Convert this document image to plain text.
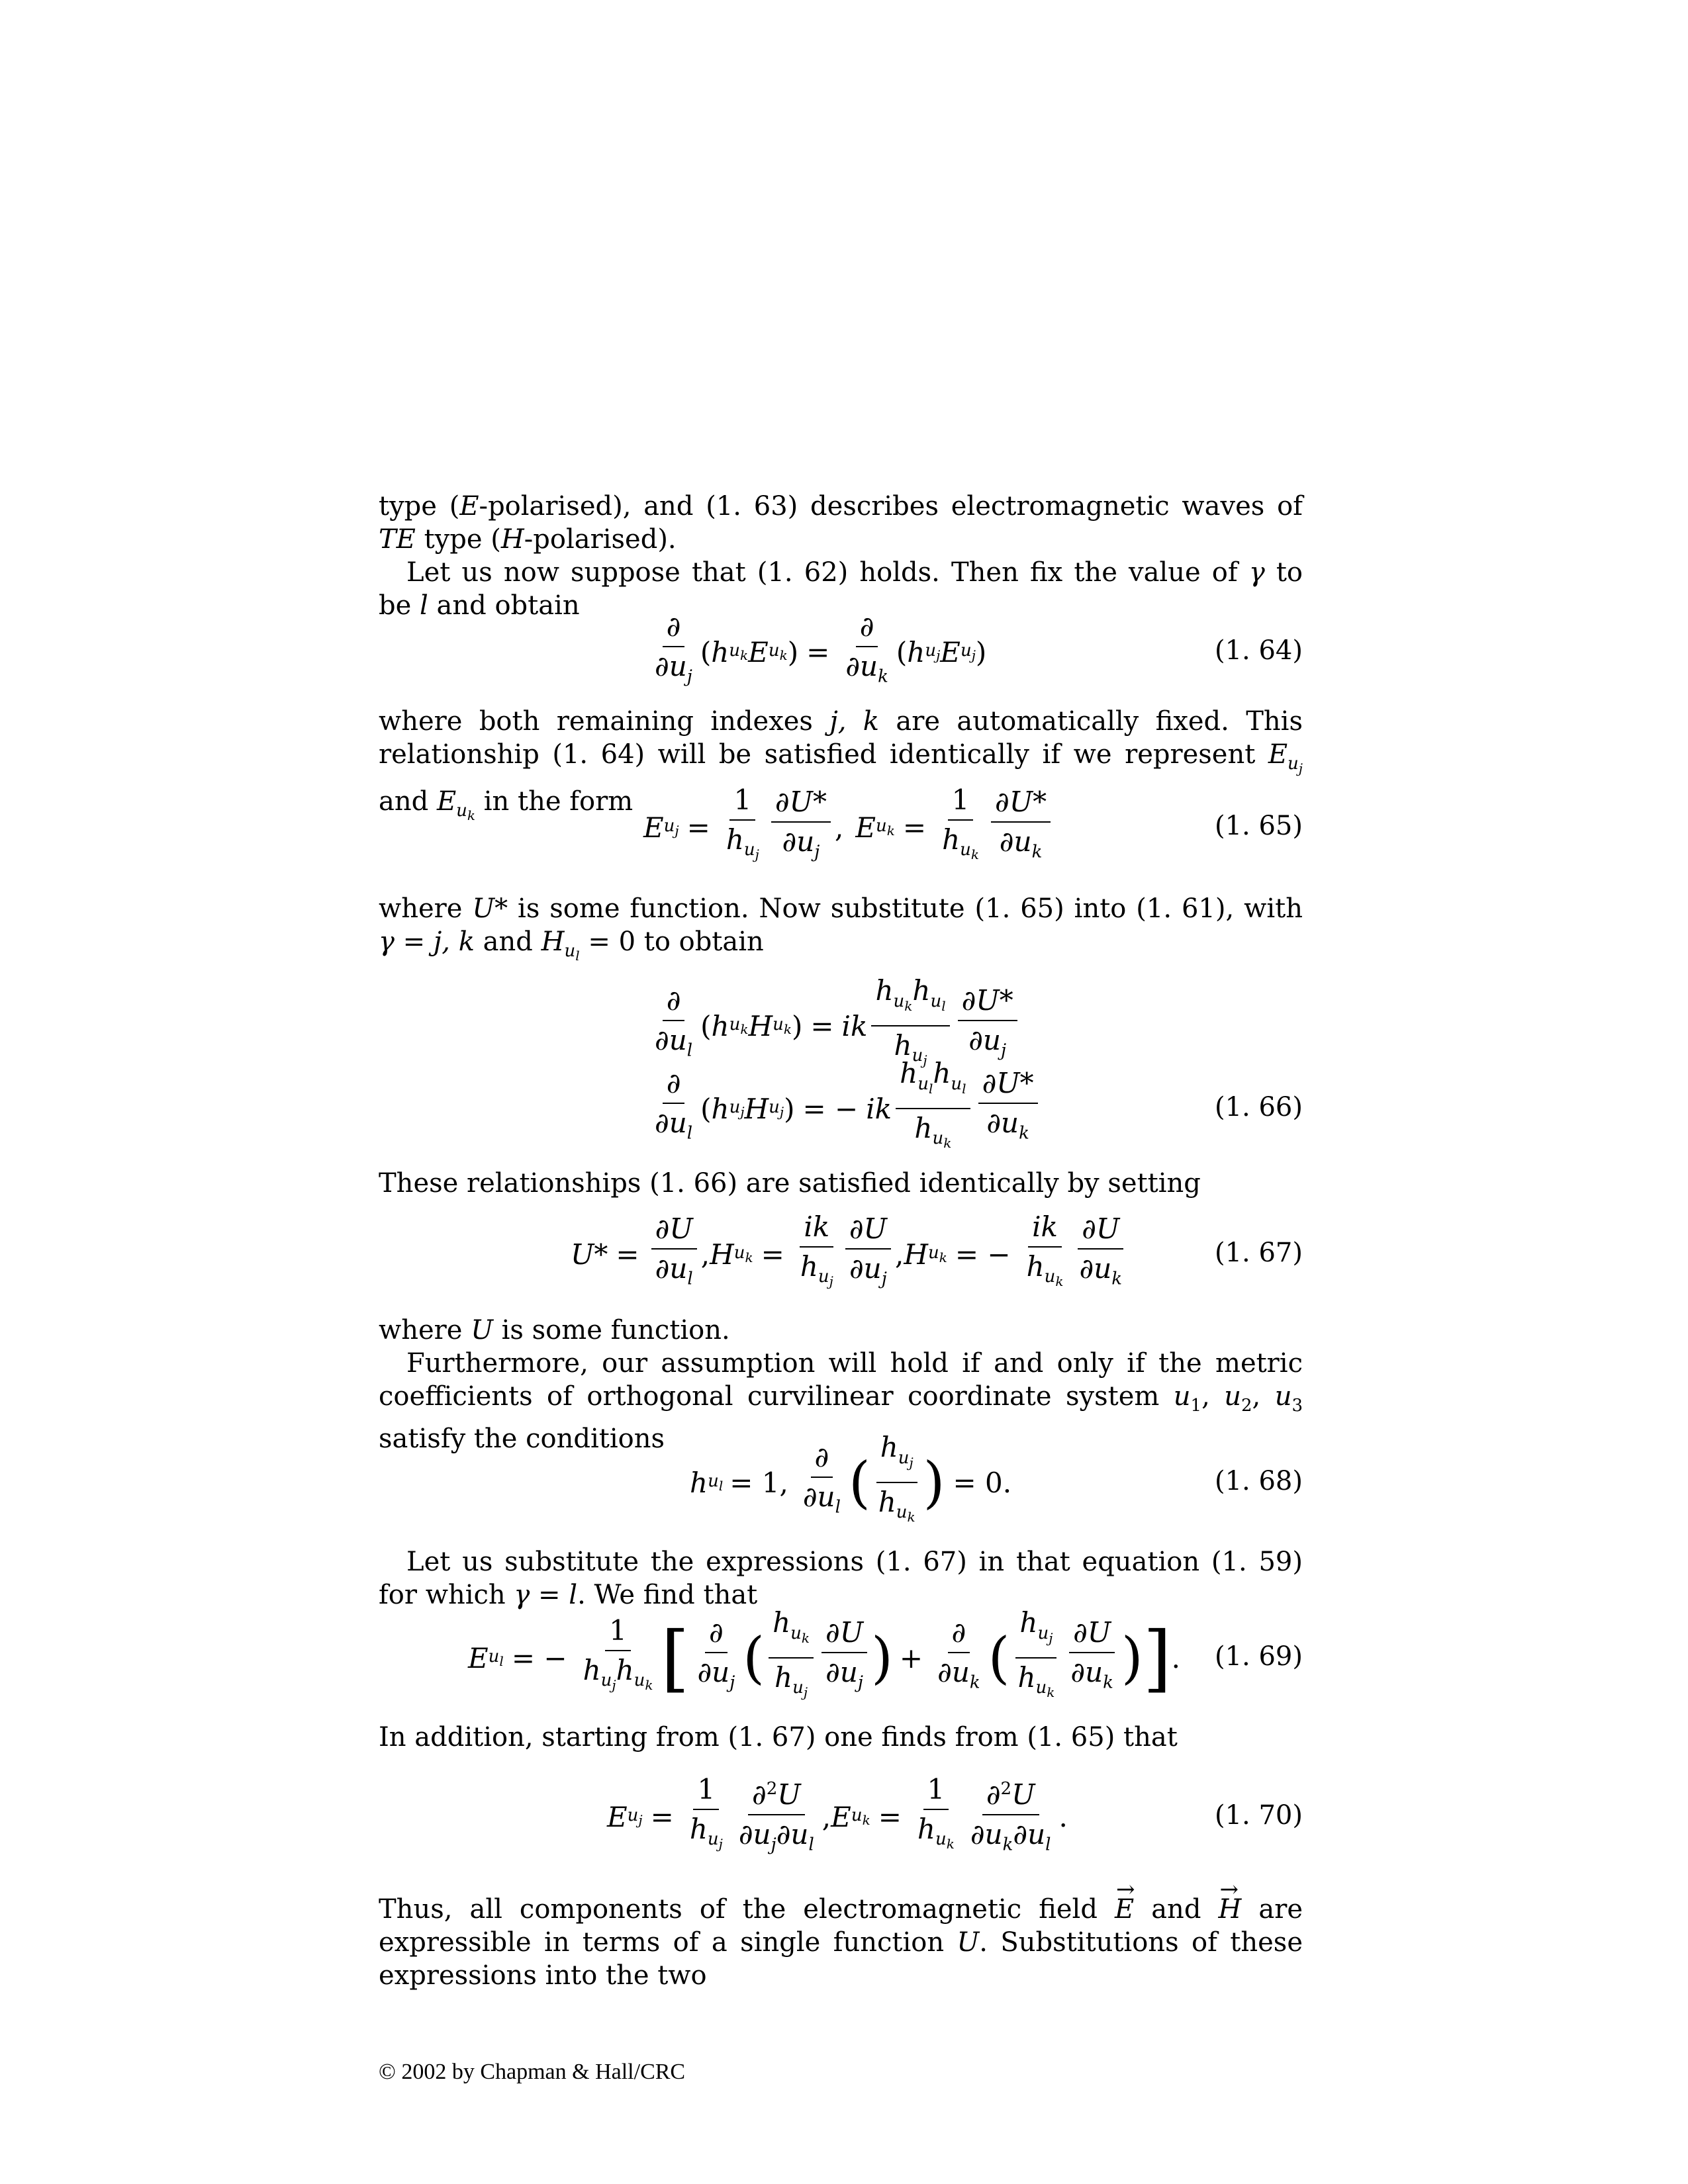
type (E-polarised), and (1. 63) describes electromagnetic waves of TE type (H-polarised).

Let us now suppose that (1. 62) holds. Then fix the value of γ to be l and obtain

$\frac{\partial}{\partial u_j}$ ( h $u_k$ E $u_k$ ) = $\frac{\partial}{\partial u_k}$ ( h $u_j$ E $u_j$ )	(1. 64)

where both remaining indexes j, k are automatically fixed. This relationship (1. 64) will be satisfied identically if we represent $E_{u_j}$ and $E_{u_k}$ in the form

E $u_j = \frac{1}{h_{u_j}} \frac{\partial U*}{\partial u_j}$ , E $u_k = \frac{1}{h_{u_k}} \frac{\partial U*}{\partial u_k}$	(1. 65)

where U* is some function. Now substitute (1. 65) into (1. 61), with γ = j, k and $H_{u_l} = 0$ to obtain

$\frac{\partial}{\partial u_l}$ ( h $u_k$ H $u_k$ ) = ik $\frac{h_{u_k}h_{u_l}}{h_{u_j}} \frac{\partial U*}{\partial u_j}$
$\frac{\partial}{\partial u_l}$ ( h $u_j$ H $u_j$ ) = − ik $\frac{h_{u_l}h_{u_l}}{h_{u_k}} \frac{\partial U*}{\partial u_k}$	(1. 66)

These relationships (1. 66) are satisfied identically by setting

$U* = \frac{\partial U}{\partial u_l}$ , H $u_k = \frac{ik}{h_{u_j}} \frac{\partial U}{\partial u_j}$ , H $u_k$ = − $\frac{ik}{h_{u_k}} \frac{\partial U}{\partial u_k}$	(1. 67)

where U is some function.

Furthermore, our assumption will hold if and only if the metric coefficients of orthogonal curvilinear coordinate system $u_1$, $u_2$, $u_3$ satisfy the conditions

h $u_l = 1$, $\frac{\partial}{\partial u_l}$ ( $\frac{h_{u_j}}{h_{u_k}}$ ) = 0.	(1. 68)

Let us substitute the expressions (1. 67) in that equation (1. 59) for which γ = l. We find that

E $u_l$ = − $\frac{1}{h_{u_j}h_{u_k}}$ [ $\frac{\partial}{\partial u_j}$ ( $\frac{h_{u_k}}{h_{u_j}} \frac{\partial U}{\partial u_j}$ ) + $\frac{\partial}{\partial u_k}$ ( $\frac{h_{u_j}}{h_{u_k}} \frac{\partial U}{\partial u_k}$ ) ] . (1. 69)

In addition, starting from (1. 67) one finds from (1. 65) that

E $u_j = \frac{1}{h_{u_j}} \frac{\partial^2U}{\partial u_j\partial u_l}$ , E $u_k = \frac{1}{h_{u_k}} \frac{\partial^2U}{\partial u_k\partial u_l}$ .	(1. 70)

Thus, all components of the electromagnetic field → E and → H are expressible in terms of a single function U. Substitutions of these expressions into the two

© 2002 by Chapman & Hall/CRC
